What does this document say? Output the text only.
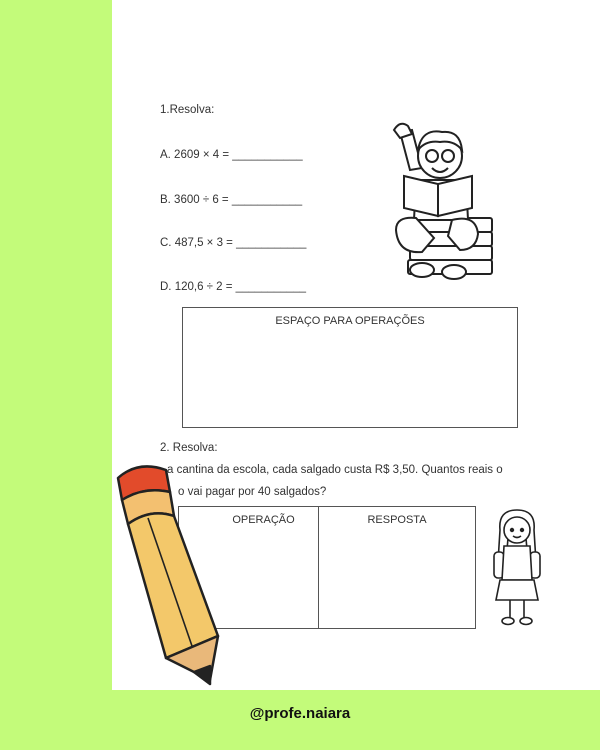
1.Resolva:
A. 2609 × 4 = ___________
B. 3600 ÷ 6 = ___________
C. 487,5 × 3 = ___________
D. 120,6 ÷ 2 = ___________
ESPAÇO PARA OPERAÇÕES
2. Resolva:
a cantina da escola, cada salgado custa R$ 3,50. Quantos reais o
o vai pagar por 40 salgados?
OPERAÇÃO	RESPOSTA
@profe.naiara
